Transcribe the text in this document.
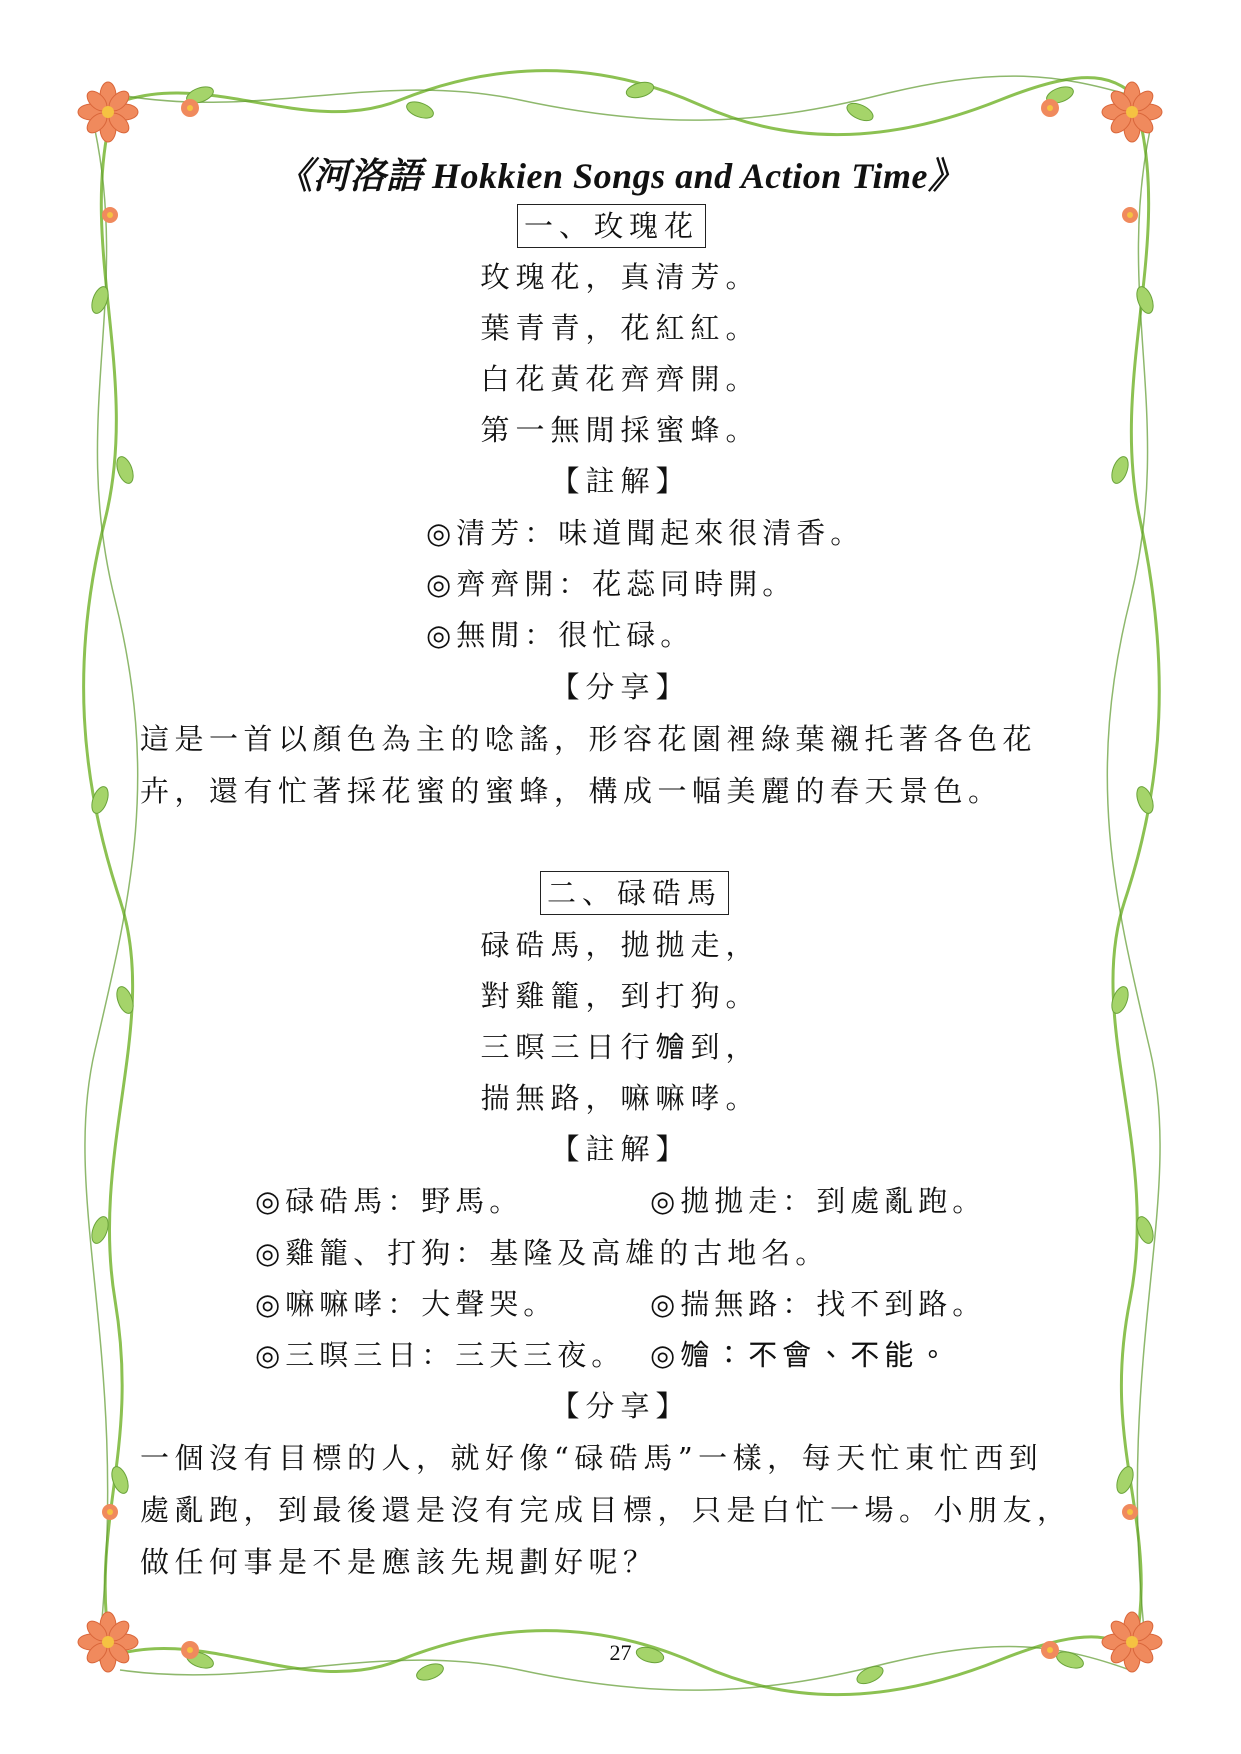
《河洛語 Hokkien Songs and Action Time》
一、玫瑰花
玫瑰花，真清芳。
葉青青，花紅紅。
白花黃花齊齊開。
第一無閒採蜜蜂。
【註解】
◎清芳：味道聞起來很清香。
◎齊齊開：花蕊同時開。
◎無閒：很忙碌。
【分享】
這是一首以顏色為主的唸謠，形容花園裡綠葉襯托著各色花
卉，還有忙著採花蜜的蜜蜂，構成一幅美麗的春天景色。
二、碌硞馬
碌硞馬，拋拋走，
對雞籠，到打狗。
三暝三日行𣍐到，
揣無路，嘛嘛哮。
【註解】
◎碌硞馬：野馬。	◎拋拋走：到處亂跑。
◎雞籠、打狗：基隆及高雄的古地名。
◎嘛嘛哮：大聲哭。	◎揣無路：找不到路。
◎三暝三日：三天三夜。 ◎𣍐：不會、不能。
【分享】
一個沒有目標的人，就好像“碌硞馬”一樣，每天忙東忙西到
處亂跑，到最後還是沒有完成目標，只是白忙一場。小朋友，
做任何事是不是應該先規劃好呢？
27
